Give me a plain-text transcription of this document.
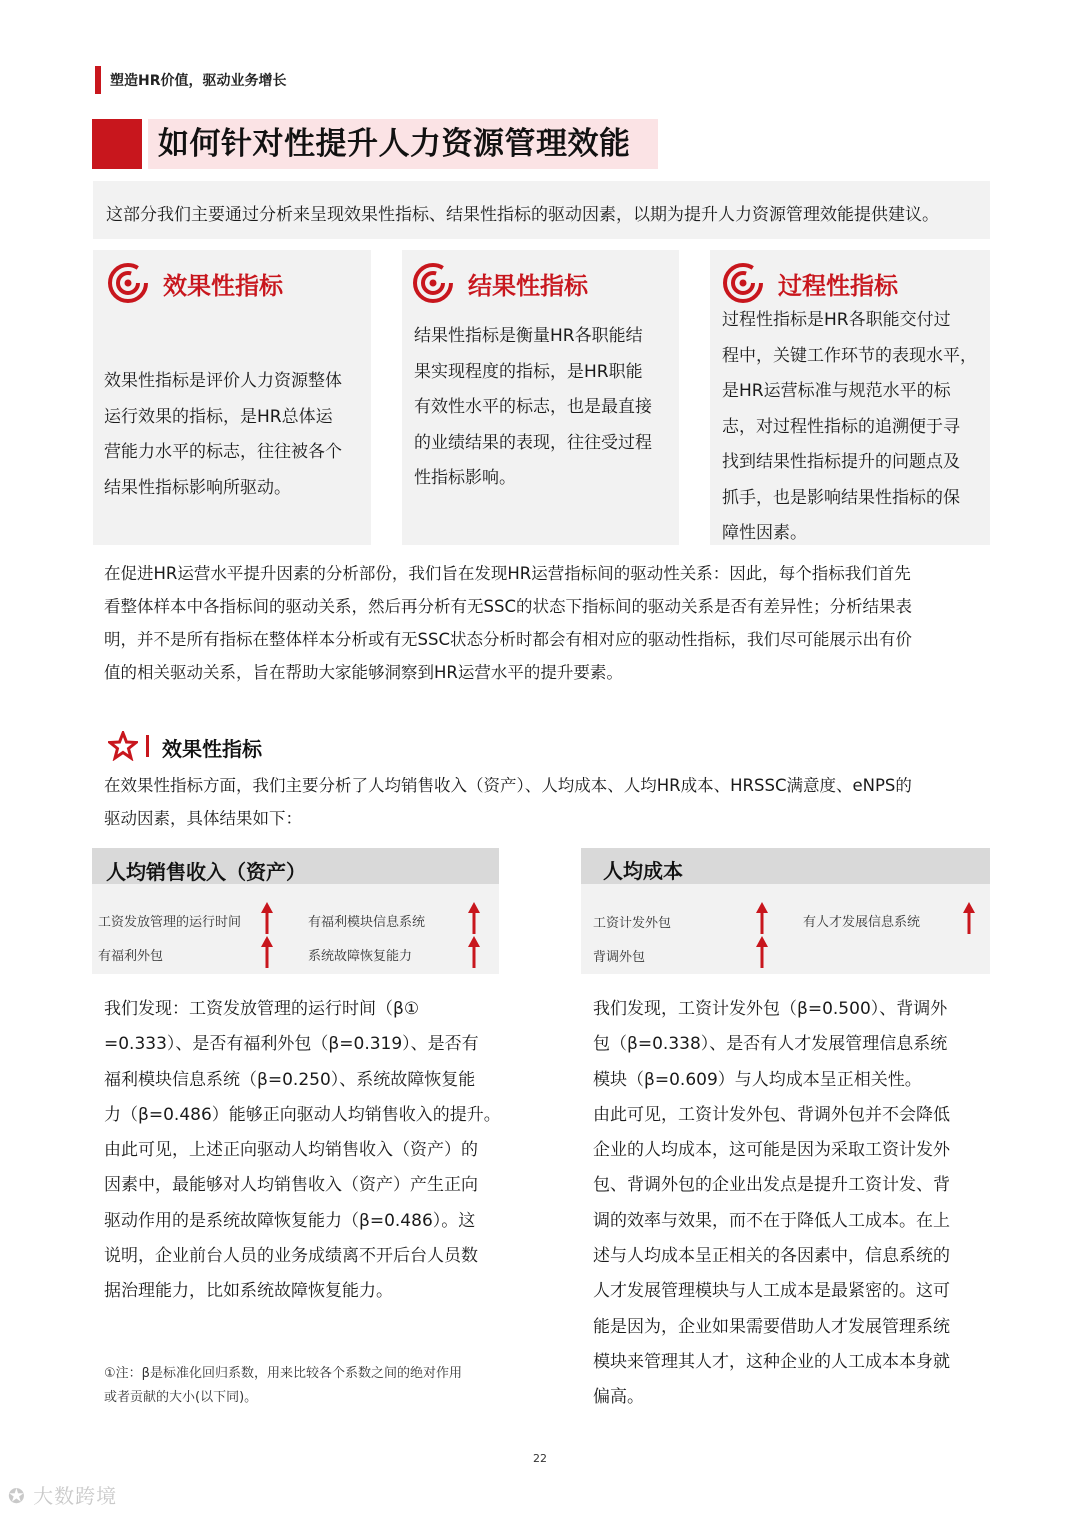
塑造HR价值，驱动业务增长
如何针对性提升人力资源管理效能
这部分我们主要通过分析来呈现效果性指标、结果性指标的驱动因素，以期为提升人力资源管理效能提供建议。
效果性指标
效果性指标是评价人力资源整体
运行效果的指标，是HR总体运
营能力水平的标志，往往被各个
结果性指标影响所驱动。
结果性指标
结果性指标是衡量HR各职能结
果实现程度的指标，是HR职能
有效性水平的标志，也是最直接
的业绩结果的表现，往往受过程
性指标影响。
过程性指标
过程性指标是HR各职能交付过
程中，关键工作环节的表现水平，
是HR运营标准与规范水平的标
志，对过程性指标的追溯便于寻
找到结果性指标提升的问题点及
抓手，也是影响结果性指标的保
障性因素。
在促进HR运营水平提升因素的分析部份，我们旨在发现HR运营指标间的驱动性关系：因此，每个指标我们首先
看整体样本中各指标间的驱动关系，然后再分析有无SSC的状态下指标间的驱动关系是否有差异性；分析结果表
明，并不是所有指标在整体样本分析或有无SSC状态分析时都会有相对应的驱动性指标，我们尽可能展示出有价
值的相关驱动关系，旨在帮助大家能够洞察到HR运营水平的提升要素。
效果性指标
在效果性指标方面，我们主要分析了人均销售收入（资产）、人均成本、人均HR成本、HRSSC满意度、eNPS的
驱动因素，具体结果如下：
人均销售收入（资产）
工资发放管理的运行时间	有福利模块信息系统
有福利外包	系统故障恢复能力
人均成本
工资计发外包	有人才发展信息系统
背调外包
我们发现：工资发放管理的运行时间（β①
=0.333）、是否有福利外包（β=0.319）、是否有
福利模块信息系统（β=0.250）、系统故障恢复能
力（β=0.486）能够正向驱动人均销售收入的提升。
由此可见，上述正向驱动人均销售收入（资产）的
因素中，最能够对人均销售收入（资产）产生正向
驱动作用的是系统故障恢复能力（β=0.486）。这
说明，企业前台人员的业务成绩离不开后台人员数
据治理能力，比如系统故障恢复能力。
我们发现，工资计发外包（β=0.500）、背调外
包（β=0.338）、是否有人才发展管理信息系统
模块（β=0.609）与人均成本呈正相关性。
由此可见，工资计发外包、背调外包并不会降低
企业的人均成本，这可能是因为采取工资计发外
包、背调外包的企业出发点是提升工资计发、背
调的效率与效果，而不在于降低人工成本。在上
述与人均成本呈正相关的各因素中，信息系统的
人才发展管理模块与人工成本是最紧密的。这可
能是因为，企业如果需要借助人才发展管理系统
模块来管理其人才，这种企业的人工成本本身就
偏高。
①注：β是标准化回归系数，用来比较各个系数之间的绝对作用
或者贡献的大小(以下同)。
22
✪ 大数跨境
